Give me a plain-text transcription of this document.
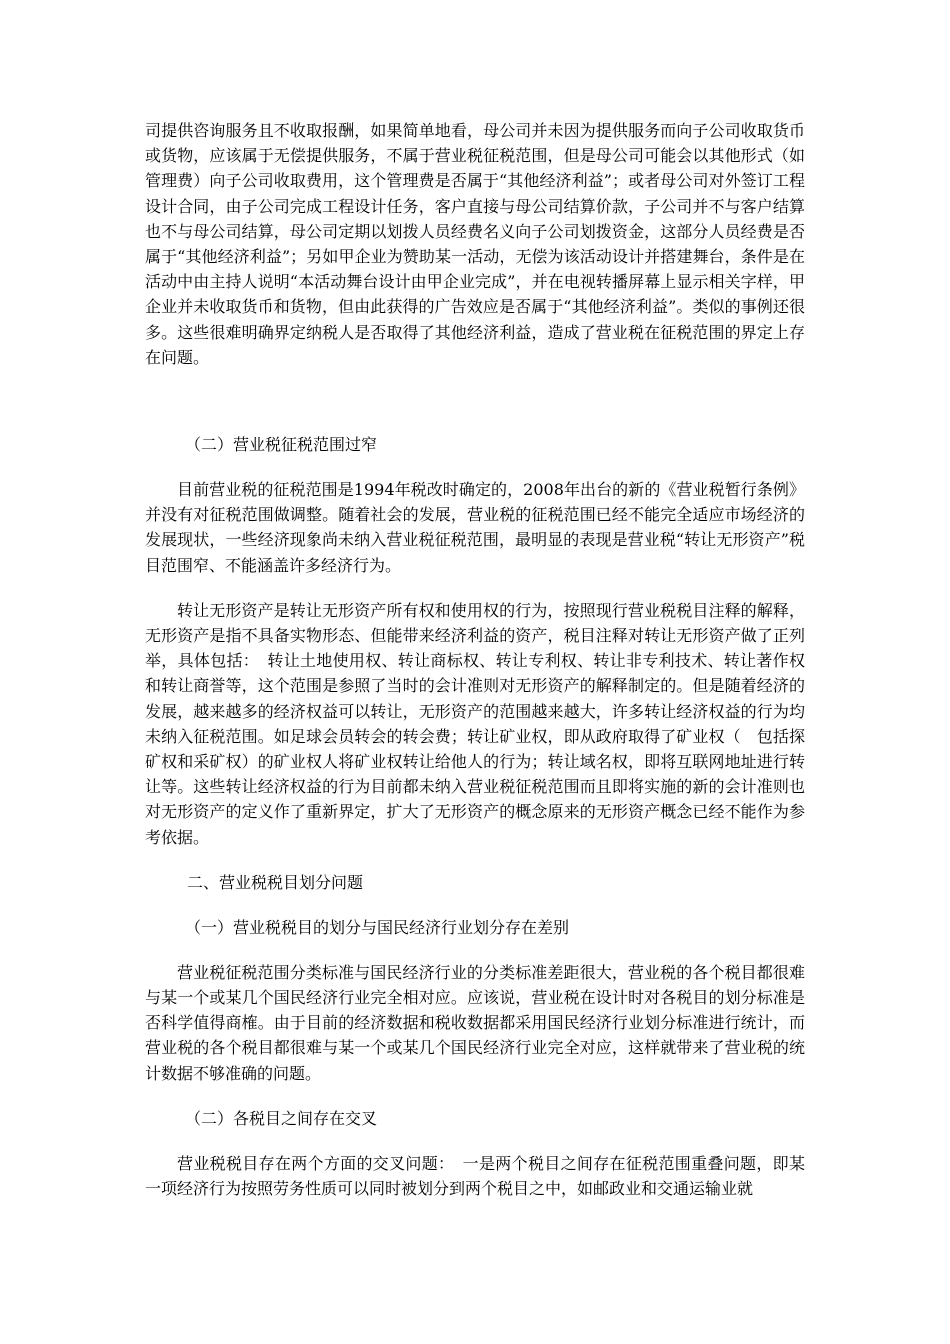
司提供咨询服务且不收取报酬，如果简单地看，母公司并未因为提供服务而向子公司收取货币或货物，应该属于无偿提供服务，不属于营业税征税范围，但是母公司可能会以其他形式（如管理费）向子公司收取费用，这个管理费是否属于“其他经济利益”；或者母公司对外签订工程设计合同，由子公司完成工程设计任务，客户直接与母公司结算价款，子公司并不与客户结算也不与母公司结算，母公司定期以划拨人员经费名义向子公司划拨资金，这部分人员经费是否属于“其他经济利益”；另如甲企业为赞助某一活动，无偿为该活动设计并搭建舞台，条件是在活动中由主持人说明“本活动舞台设计由甲企业完成”，并在电视转播屏幕上显示相关字样，甲企业并未收取货币和货物，但由此获得的广告效应是否属于“其他经济利益”。类似的事例还很多。这些很难明确界定纳税人是否取得了其他经济利益，造成了营业税在征税范围的界定上存在问题。

（二）营业税征税范围过窄

目前营业税的征税范围是1994年税改时确定的，2008年出台的新的《营业税暂行条例》并没有对征税范围做调整。随着社会的发展，营业税的征税范围已经不能完全适应市场经济的发展现状，一些经济现象尚未纳入营业税征税范围，最明显的表现是营业税“转让无形资产”税目范围窄、不能涵盖许多经济行为。

转让无形资产是转让无形资产所有权和使用权的行为，按照现行营业税税目注释的解释，无形资产是指不具备实物形态、但能带来经济利益的资产，税目注释对转让无形资产做了正列举，具体包括：　转让土地使用权、转让商标权、转让专利权、转让非专利技术、转让著作权和转让商誉等，这个范围是参照了当时的会计准则对无形资产的解释制定的。但是随着经济的发展，越来越多的经济权益可以转让，无形资产的范围越来越大，许多转让经济权益的行为均未纳入征税范围。如足球会员转会的转会费；转让矿业权，即从政府取得了矿业权（　包括探矿权和采矿权）的矿业权人将矿业权转让给他人的行为；转让域名权，即将互联网地址进行转让等。这些转让经济权益的行为目前都未纳入营业税征税范围而且即将实施的新的会计准则也对无形资产的定义作了重新界定，扩大了无形资产的概念原来的无形资产概念已经不能作为参考依据。

二、营业税税目划分问题

（一）营业税税目的划分与国民经济行业划分存在差别

营业税征税范围分类标准与国民经济行业的分类标准差距很大，营业税的各个税目都很难与某一个或某几个国民经济行业完全相对应。应该说，营业税在设计时对各税目的划分标准是否科学值得商榷。由于目前的经济数据和税收数据都采用国民经济行业划分标准进行统计，而营业税的各个税目都很难与某一个或某几个国民经济行业完全对应，这样就带来了营业税的统计数据不够准确的问题。

（二）各税目之间存在交叉

营业税税目存在两个方面的交叉问题：　一是两个税目之间存在征税范围重叠问题，即某一项经济行为按照劳务性质可以同时被划分到两个税目之中，如邮政业和交通运输业就
